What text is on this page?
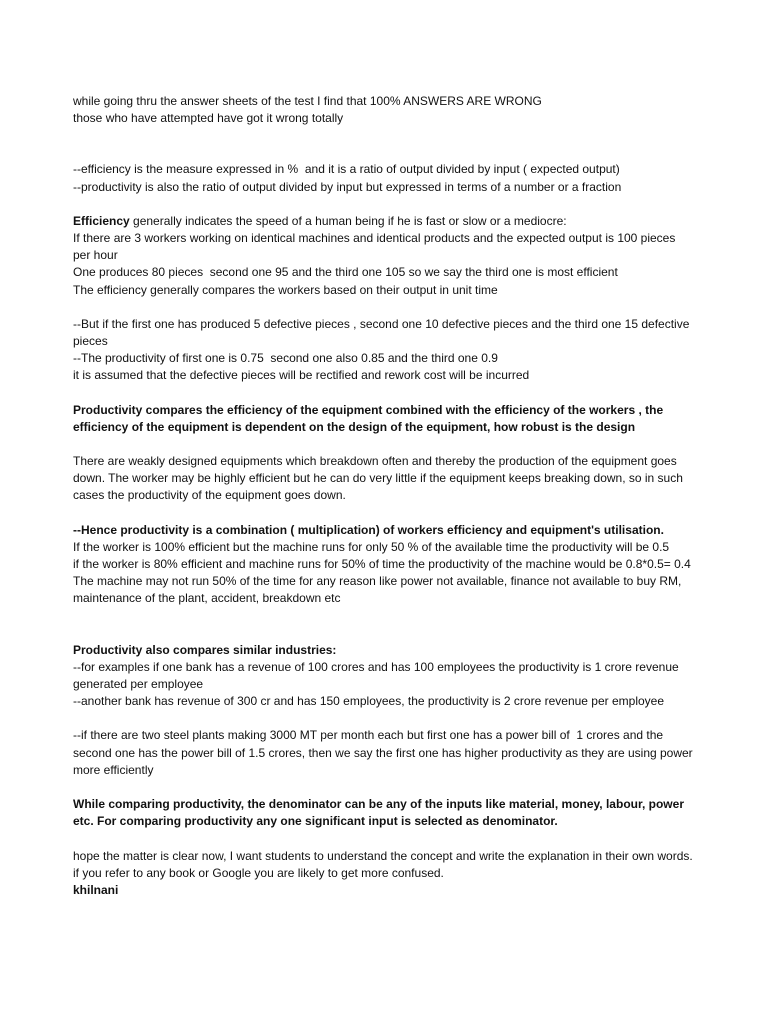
while going thru the answer sheets of the test I find that 100% ANSWERS ARE WRONG
those who have attempted have got it wrong totally
--efficiency is the measure expressed in %  and it is a ratio of output divided by input ( expected output)
--productivity is also the ratio of output divided by input but expressed in terms of a number or a fraction
Efficiency generally indicates the speed of a human being if he is fast or slow or a mediocre:
If there are 3 workers working on identical machines and identical products and the expected output is 100 pieces per hour
One produces 80 pieces  second one 95 and the third one 105 so we say the third one is most efficient
The efficiency generally compares the workers based on their output in unit time
--But if the first one has produced 5 defective pieces , second one 10 defective pieces and the third one 15 defective pieces
--The productivity of first one is 0.75  second one also 0.85 and the third one 0.9
it is assumed that the defective pieces will be rectified and rework cost will be incurred
Productivity compares the efficiency of the equipment combined with the efficiency of the workers , the efficiency of the equipment is dependent on the design of the equipment, how robust is the design
There are weakly designed equipments which breakdown often and thereby the production of the equipment goes down. The worker may be highly efficient but he can do very little if the equipment keeps breaking down, so in such cases the productivity of the equipment goes down.
--Hence productivity is a combination ( multiplication) of workers efficiency and equipment's utilisation.
If the worker is 100% efficient but the machine runs for only 50 % of the available time the productivity will be 0.5
if the worker is 80% efficient and machine runs for 50% of time the productivity of the machine would be 0.8*0.5= 0.4
The machine may not run 50% of the time for any reason like power not available, finance not available to buy RM, maintenance of the plant, accident, breakdown etc
Productivity also compares similar industries:
--for examples if one bank has a revenue of 100 crores and has 100 employees the productivity is 1 crore revenue generated per employee
--another bank has revenue of 300 cr and has 150 employees, the productivity is 2 crore revenue per employee
--if there are two steel plants making 3000 MT per month each but first one has a power bill of  1 crores and the second one has the power bill of 1.5 crores, then we say the first one has higher productivity as they are using power more efficiently
While comparing productivity, the denominator can be any of the inputs like material, money, labour, power etc. For comparing productivity any one significant input is selected as denominator.
hope the matter is clear now, I want students to understand the concept and write the explanation in their own words. if you refer to any book or Google you are likely to get more confused.
khilnani
